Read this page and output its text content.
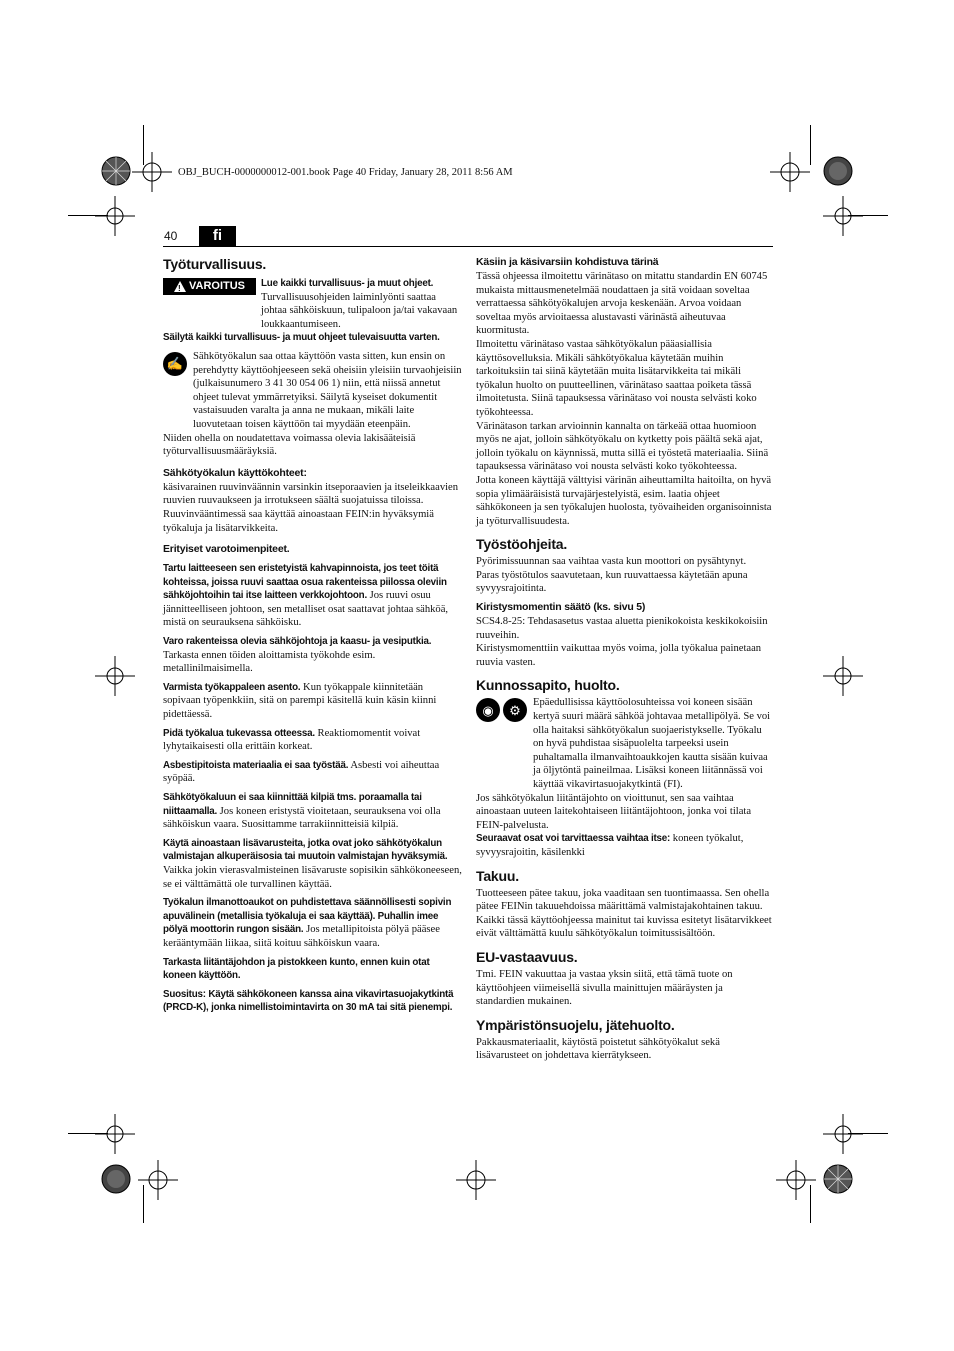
OBJ_BUCH-0000000012-001.book Page 40 Friday, January 28, 2011 8:56 AM
40	fi
Työturvallisuus.
!
VAROITUS Lue kaikki turvallisuus- ja muut ohjeet. Turvallisuusohjeiden laiminlyönti saattaa johtaa sähköiskuun, tulipaloon ja/tai vakavaan loukkaantumiseen.

Säilytä kaikki turvallisuus- ja muut ohjeet tulevaisuutta varten.

✍ Sähkötyökalun saa ottaa käyttöön vasta sitten, kun ensin on perehdytty käyttöohjeeseen sekä oheisiin yleisiin turvaohjeisiin (julkaisunumero 3 41 30 054 06 1) niin, että niissä annetut ohjeet tulevat ymmärretyiksi. Säilytä kyseiset dokumentit vastaisuuden varalta ja anna ne mukaan, mikäli laite luovutetaan toisen käyttöön tai myydään eteenpäin.

Niiden ohella on noudatettava voimassa olevia lakisääteisiä työturvallisuusmääräyksiä.

Sähkötyökalun käyttökohteet:

käsivarainen ruuvinväännin varsinkin itseporaavien ja itseleikkaavien ruuvien ruuvaukseen ja irrotukseen säältä suojatuissa tiloissa. Ruuvinvääntimessä saa käyttää ainoastaan FEIN:in hyväksymiä työkaluja ja lisätarvikkeita.

Erityiset varotoimenpiteet.

Tartu laitteeseen sen eristetyistä kahvapinnoista, jos teet töitä kohteissa, joissa ruuvi saattaa osua rakenteissa piilossa oleviin sähköjohtoihin tai itse laitteen verkkojohtoon. Jos ruuvi osuu jännitteelliseen johtoon, sen metalliset osat saattavat johtaa sähköä, mistä on seurauksena sähköisku.

Varo rakenteissa olevia sähköjohtoja ja kaasu- ja vesiputkia. Tarkasta ennen töiden aloittamista työkohde esim. metallinilmaisimella.

Varmista työkappaleen asento. Kun työkappale kiinnitetään sopivaan työpenkkiin, sitä on parempi käsitellä kuin käsin kiinni pidettäessä.

Pidä työkalua tukevassa otteessa. Reaktiomomentit voivat lyhytaikaisesti olla erittäin korkeat.

Asbestipitoista materiaalia ei saa työstää. Asbesti voi aiheuttaa syöpää.

Sähkötyökaluun ei saa kiinnittää kilpiä tms. poraamalla tai niittaamalla. Jos koneen eristystä vioitetaan, seurauksena voi olla sähköiskun vaara. Suosittamme tarrakiinnitteisiä kilpiä.

Käytä ainoastaan lisävarusteita, jotka ovat joko sähkötyökalun valmistajan alkuperäisosia tai muutoin valmistajan hyväksymiä. Vaikka jokin vierasvalmisteinen lisävaruste sopisikin sähkökoneeseen, se ei välttämättä ole turvallinen käyttää.

Työkalun ilmanottoaukot on puhdistettava säännöllisesti sopivin apuvälinein (metallisia työkaluja ei saa käyttää). Puhallin imee pölyä moottorin rungon sisään. Jos metallipitoista pölyä pääsee kerääntymään liikaa, siitä koituu sähköiskun vaara.

Tarkasta liitäntäjohdon ja pistokkeen kunto, ennen kuin otat koneen käyttöön.

Suositus: Käytä sähkökoneen kanssa aina vikavirtasuojakytkintä (PRCD-K), jonka nimellistoimintavirta on 30 mA tai sitä pienempi.

Käsiin ja käsivarsiin kohdistuva tärinä

Tässä ohjeessa ilmoitettu värinätaso on mitattu standardin EN 60745 mukaista mittausmenetelmää noudattaen ja sitä voidaan soveltaa verrattaessa sähkötyökalujen arvoja keskenään. Arvoa voidaan soveltaa myös arvioitaessa alustavasti värinästä aiheutuvaa kuormitusta.

Ilmoitettu värinätaso vastaa sähkötyökalun pääasiallisia käyttösovelluksia. Mikäli sähkötyökalua käytetään muihin tarkoituksiin tai siinä käytetään muita lisätarvikkeita tai mikäli työkalun huolto on puutteellinen, värinätaso saattaa poiketa tässä ilmoitetusta. Siinä tapauksessa värinätaso voi nousta selvästi koko työkohteessa.

Värinätason tarkan arvioinnin kannalta on tärkeää ottaa huomioon myös ne ajat, jolloin sähkötyökalu on kytketty pois päältä sekä ajat, jolloin työkalu on käynnissä, mutta sillä ei työstetä materiaalia. Siinä tapauksessa värinätaso voi nousta selvästi koko työkohteessa.

Jotta koneen käyttäjä välttyisi värinän aiheuttamilta haitoilta, on hyvä sopia ylimääräisistä turvajärjestelyistä, esim. laatia ohjeet sähkökoneen ja sen työkalujen huolosta, työvaiheiden organisoinnista ja työturvallisuudesta.

Työstöohjeita.

Pyörimissuunnan saa vaihtaa vasta kun moottori on pysähtynyt.

Paras työstötulos saavutetaan, kun ruuvattaessa käytetään apuna syvyysrajoitinta.

Kiristysmomentin säätö (ks. sivu 5)

SCS4.8-25: Tehdasasetus vastaa aluetta pienikokoista keskikokoisiin ruuveihin.

Kiristysmomenttiin vaikuttaa myös voima, jolla työkalua painetaan ruuvia vasten.

Kunnossapito, huolto.
◉	⚙	Epäedullisissa käyttöolosuhteissa voi koneen sisään kertyä suuri määrä sähköä johtavaa metallipölyä. Se voi olla haitaksi sähkötyökalun suojaeristykselle. Työkalu on hyvä puhdistaa sisäpuolelta tarpeeksi usein puhaltamalla ilmanvaihtoaukkojen kautta sisään kuivaa ja öljytöntä paineilmaa. Lisäksi koneen liitännässä voi käyttää vikavirtasuojakytkintä (FI).

Jos sähkötyökalun liitäntäjohto on vioittunut, sen saa vaihtaa ainoastaan uuteen laitekohtaiseen liitäntäjohtoon, jonka voi tilata FEIN-palvelusta.

Seuraavat osat voi tarvittaessa vaihtaa itse: koneen työkalut, syvyysrajoitin, käsilenkki

Takuu.

Tuotteeseen pätee takuu, joka vaaditaan sen tuontimaassa. Sen ohella pätee FEINin takuuehdoissa määrittämä valmistajakohtainen takuu.

Kaikki tässä käyttöohjeessa mainitut tai kuvissa esitetyt lisätarvikkeet eivät välttämättä kuulu sähkötyökalun toimitussisältöön.

EU-vastaavuus.

Tmi. FEIN vakuuttaa ja vastaa yksin siitä, että tämä tuote on käyttöohjeen viimeisellä sivulla mainittujen määräysten ja standardien mukainen.

Ympäristönsuojelu, jätehuolto.

Pakkausmateriaalit, käytöstä poistetut sähkötyökalut sekä lisävarusteet on johdettava kierrätykseen.
